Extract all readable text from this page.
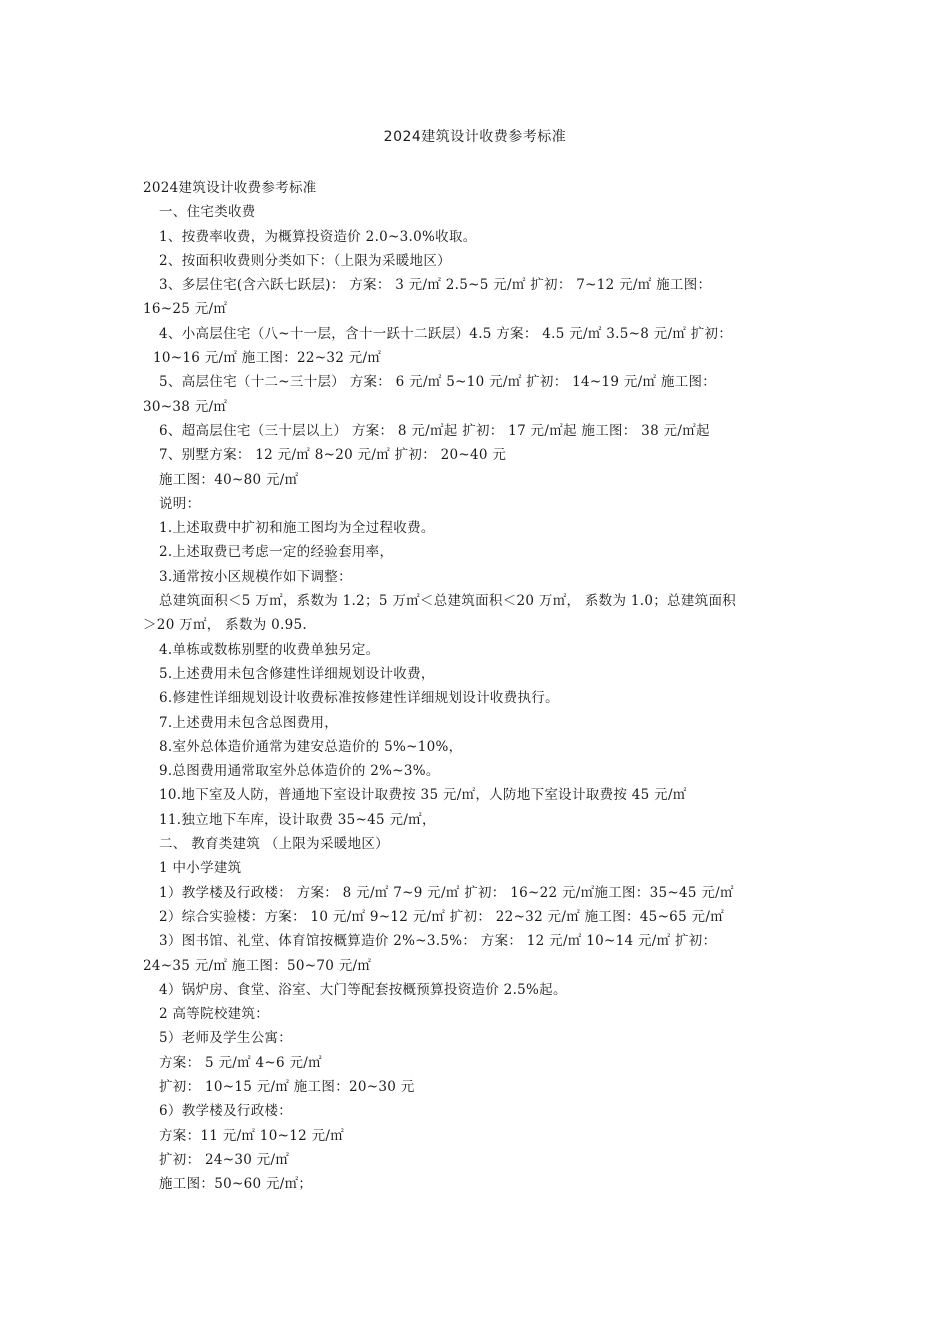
2024建筑设计收费参考标准
2024建筑设计收费参考标准
一、住宅类收费
1、按费率收费，为概算投资造价 2.0~3.0%收取。
2、按面积收费则分类如下：（上限为采暖地区）
3、多层住宅(含六跃七跃层)： 方案： 3 元/㎡ 2.5~5 元/㎡ 扩初： 7~12 元/㎡ 施工图：
16~25 元/㎡
4、小高层住宅（八~十一层，含十一跃十二跃层）4.5 方案： 4.5 元/㎡ 3.5~8 元/㎡ 扩初：
10~16 元/㎡ 施工图：22~32 元/㎡
5、高层住宅（十二~三十层） 方案： 6 元/㎡ 5~10 元/㎡ 扩初： 14~19 元/㎡ 施工图：
30~38 元/㎡
6、超高层住宅（三十层以上） 方案： 8 元/㎡起 扩初： 17 元/㎡起 施工图： 38 元/㎡起
7、别墅方案： 12 元/㎡ 8~20 元/㎡ 扩初： 20~40 元
施工图：40~80 元/㎡
说明：
1.上述取费中扩初和施工图均为全过程收费。
2.上述取费已考虑一定的经验套用率，
3.通常按小区规模作如下调整：
总建筑面积＜5 万㎡，系数为 1.2；5 万㎡＜总建筑面积＜20 万㎡， 系数为 1.0；总建筑面积
＞20 万㎡， 系数为 0.95.
4.单栋或数栋别墅的收费单独另定。
5.上述费用未包含修建性详细规划设计收费，
6.修建性详细规划设计收费标准按修建性详细规划设计收费执行。
7.上述费用未包含总图费用，
8.室外总体造价通常为建安总造价的 5%~10%，
9.总图费用通常取室外总体造价的 2%~3%。
10.地下室及人防，普通地下室设计取费按 35 元/㎡，人防地下室设计取费按 45 元/㎡
11.独立地下车库，设计取费 35~45 元/㎡，
二、 教育类建筑 （上限为采暖地区）
1 中小学建筑
1）教学楼及行政楼： 方案： 8 元/㎡ 7~9 元/㎡ 扩初： 16~22 元/㎡施工图：35~45 元/㎡
2）综合实验楼：方案： 10 元/㎡ 9~12 元/㎡ 扩初： 22~32 元/㎡ 施工图：45~65 元/㎡
3）图书馆、礼堂、体育馆按概算造价 2%~3.5%： 方案： 12 元/㎡ 10~14 元/㎡ 扩初：
24~35 元/㎡ 施工图：50~70 元/㎡
4）锅炉房、食堂、浴室、大门等配套按概预算投资造价 2.5%起。
2 高等院校建筑：
5）老师及学生公寓：
方案： 5 元/㎡ 4~6 元/㎡
扩初： 10~15 元/㎡ 施工图：20~30 元
6）教学楼及行政楼：
方案：11 元/㎡ 10~12 元/㎡
扩初： 24~30 元/㎡
施工图：50~60 元/㎡；
